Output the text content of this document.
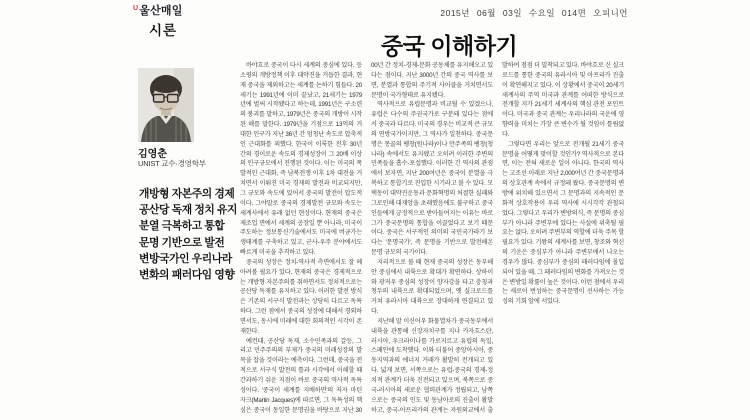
$^U$울산매일
시론
2015년 06월 03일 수요일 014면 오피니언
중국 이해하기
김영춘
UNIST 교수·경영학부
개방형 자본주의 경제
공산당 독재 정치 유지
분열 극복하고 통합
문명 기반으로 발전
변방국가인 우리나라
변화의 패러다임 영향

바야흐로 중국이 다시 세계의 중심에 있다. 등소평의 개방정책 이후 대약진을 거듭한 결과, 현재 중국을 제외하고는 세계를 논하기 힘들다. 20세기는 1991년에 이미 끝났고, 21세기는 1979년에 벌써 시작됐다고 하는데, 1991년은 구소련의 붕괴를 말하고, 1979년은 중국의 개방이 시작된 해를 말한다. 1979년을 기점으로 13억의 거대한 인구가 지난 36년 간 엄청난 속도로 압축적인 근대화를 꾀했다. 한국이 이룩한 전후 30년 간의 경이로운 속도의 경제성장이 그 20배 이상의 인구규모에서 진행된 것이다. 이는 미국의 폭발적인 근대화, 즉 남북전쟁 이후 1차 대전을 거치면서 이뤄진 미국 경제의 발전과 비교되지만, 그 규모와 속도에 있어서 중국의 발전이 압도적이다. 그야말로 중국의 경제발전 규모와 속도는 세계사에서 유래 없던 현상이다. 현재의 중국은 제조업 면에서 세계의 공장일 뿐 아니라, 미국이 주도하는 정보통신기술에서도 미국에 버금가는 생태계를 구축하고 있고, 군사-우주 분야에서도 빠르게 미국을 추격하고 있다.

중국의 성장은 정치-역사적 측면에서도 잘 헤아려볼 필요가 있다. 현재의 중국은 경제적으로는 개방형 자본주의를 취하면서도 정치적으로는 공산당 독재를 유지하고 있다. 이러한 발전 방식은 기존의 서구식 발전과는 상당히 다르고 독특하다. 그런 점에서 중국의 성장에 대해서 경외하면서도, 동시에 미래에 대한 회의적인 시각이 존재한다.

예컨대, 공산당 독재, 소수민족과의 갈등, 그리고 민주주의의 부재가 중국의 미래성장의 발목을 잡을 것이라는 예측이다. 그런데, 중국을 전적으로 서구식 발전의 틀과 시각에서 이해할 때 간과하기 쉬운 지점이 바로 중국의 역사적 독특성이다. '중국이 세계를 지배하면'의 저자 마틴 자크(Martin Jacques)에 따르면, 그 독특성의 핵심은 중국이 동일한 문명권을 바탕으로 지난 3000년 간 정치-경제-문화 공동체를 유지해오고 있다는 점이다. 지난 3000년 간의 중국 역사를 보면, 분열과 통합의 주기적 사이클을 거치면서도 문명이 국가형태로 유지됐다.

역사적으로 유럽문명과 비교될 수 있겠으나, 유럽은 다수의 주권국가로 구분돼 있다는 점에서 중국과 다르다. 미국의 경우는 비교적 큰 규모의 연방국가이지만, 그 역사가 일천하다. 중국문명은 몽골의 팽창(원나라)이나 만주족의 팽창(청나라) 속에서도 유지됐고 오히려 이러한 주변의 민족들을 흡수-포섭했다. 이러한 긴 역사의 관점에서 보자면, 지난 200여년은 중국이 분열을 극복하고 통합기로 진입한 시기라고 볼 수 있다. 모택동이 대약진운동과 문화혁명의 처절한 실패와 그로인해 대재앙을 초래했음에도 불구하고 중국인들에게 긍정적으로 받아들여지는 이유는 바로 그가 중국문명의 통합을 이끌었다고 보기 때문이다. 중국은 서구적인 의미의 국민국가라기 보다는 '문명국가', 즉 문명을 기반으로 발전해온 문명 규모의 국가이다.

지리적으로 볼 때 현재 중국의 성장은 동부해안 중심에서 내륙으로 확대가 확연하다. 상하이와 광저우 중심의 성장이 양자강을 타고 충칭과 청두의 내륙으로 확대되었으며, 옛 실크로드를 거쳐 유라시아 대륙으로 장대하게 연결되고 있다.

지난해 말 이신어우 화물열차가 중국동부에서 내륙을 관통해 신장자치구를 지나 카자흐스탄, 러시아, 우크라이나를 가로지르고 유럽의 독일, 스페인에 도착했다. 이와 더불어 중앙아시아, 중동지역과의 에너지 거래가 활발히 전개되고 있다. 넓게 보면, 서쪽으로는 유럽-중국의 경제-정치적 관계가 더욱 진전되고 있으며, 북쪽으로 중국-러시아의 새로운 협력관계가 정립되고, 남쪽으로는 중국의 인도 및 동남아로의 진출이 활발하고, 중국-아프리카의 관계는 자원외교에서 출발하여 점점 더 밀착되고 있다. 바야흐로 신 실크로드를 통한 중국의 유라시아 및 아프리카 진출이 확연해지고 있다. 이 상황에서 중국이 20세기 세계사의 주역 미국과 관계를 어떠한 방식으로 전개할 지가 21세기 세계사의 핵심 관전 포인트이다. 미국과 중국 관계는 우리나라의 국운에 영향력을 미치는 가장 큰 변수가 될 것임이 틀림없다.

그렇다면 우리는 앞으로 전개될 21세기 중국문명을 어떻게 맞이할 것인가? 역사적으로 본다면, 이는 전혀 새로운 일이 아니다. 한국의 역사는 고조선 이래로 지난 2,000여년 간 중국문명과의 상호관계 속에서 규정돼 왔다. 중국문명의 변방에 위치해 있으면서 그 문명과의 지속적인 문화적 상호작용이 우리 역사에 시시각각 관철되었다. 그렇다고 우리가 변방의식, 즉 문명의 중심부가 아니라 주변부에 있다는 사실에 위축될 필요는 없다. 오히려 주변부의 역할에 더욱 주목 할 필요가 있다. 기왕의 세계사를 보면, 창조와 혁신의 기운은 중심부가 아니라 주변부에서 나오는 경우가 많다. 중심부가 중심의 패러다임에 몰입되어 있을 때, 그 패러다임의 변화를 가져오는 것은 변방일 확률이 높은 것이다. 이런 점에서 우리는 새로이 번성하는 중국문명이 선사하는 가능성의 기회 앞에 서있다.
